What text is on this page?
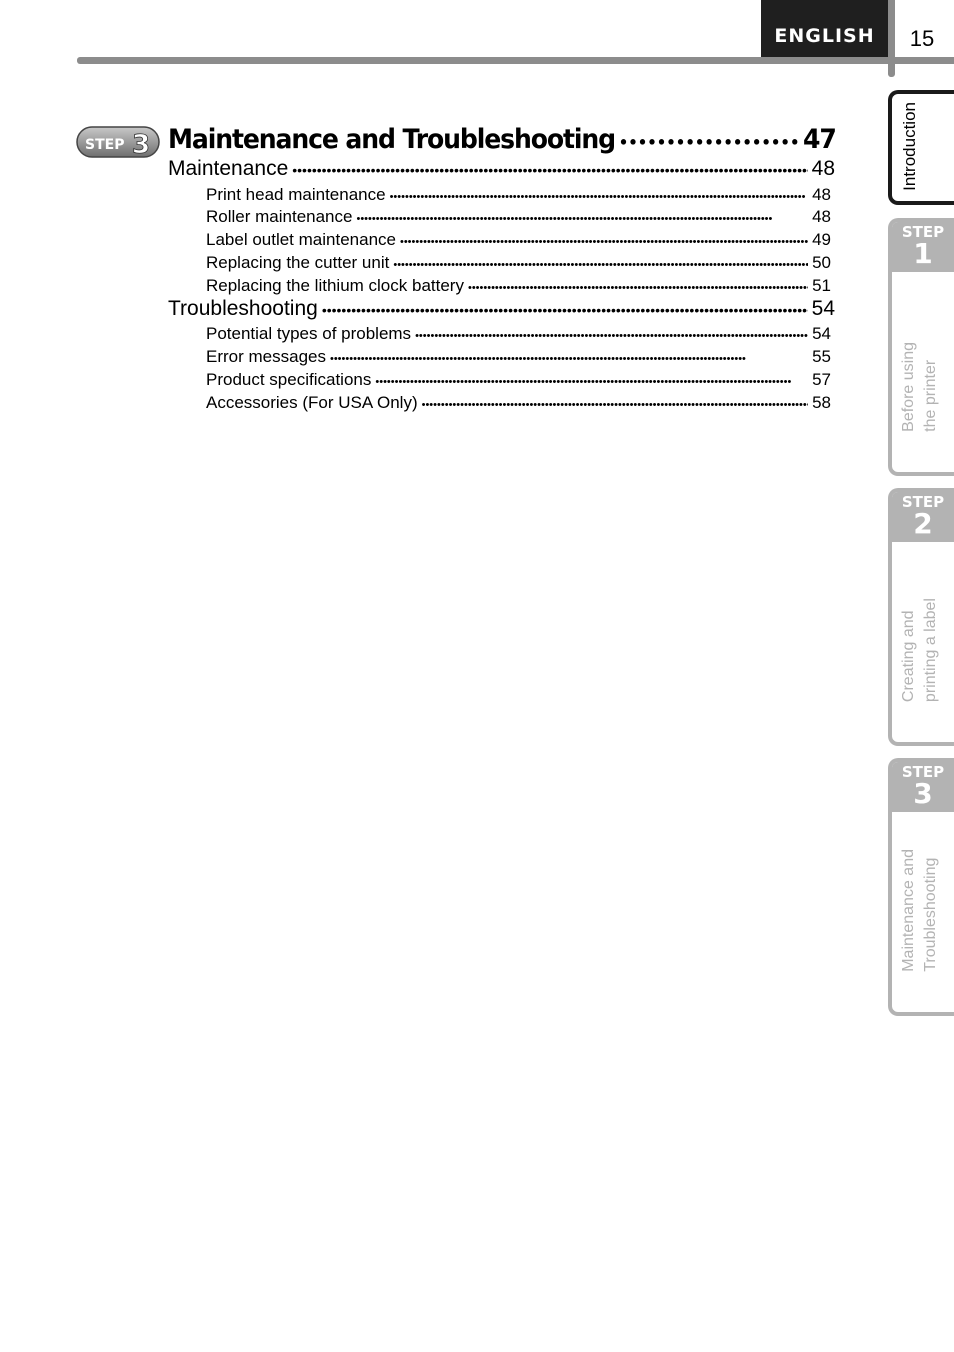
ENGLISH	15
STEP 3 Maintenance and Troubleshooting •••••	47
Maintenance •••••	48
Print head maintenance •••••	48
Roller maintenance •••••	48
Label outlet maintenance •••••	49
Replacing the cutter unit •••••	50
Replacing the lithium clock battery •••••	51
Troubleshooting •••••	54
Potential types of problems •••••	54
Error messages •••••	55
Product specifications •••••	57
Accessories (For USA Only) •••••	58
Introduction
STEP
1
Before using the printer
STEP
2
Creating and printing a label
STEP
3
Maintenance and Troubleshooting
